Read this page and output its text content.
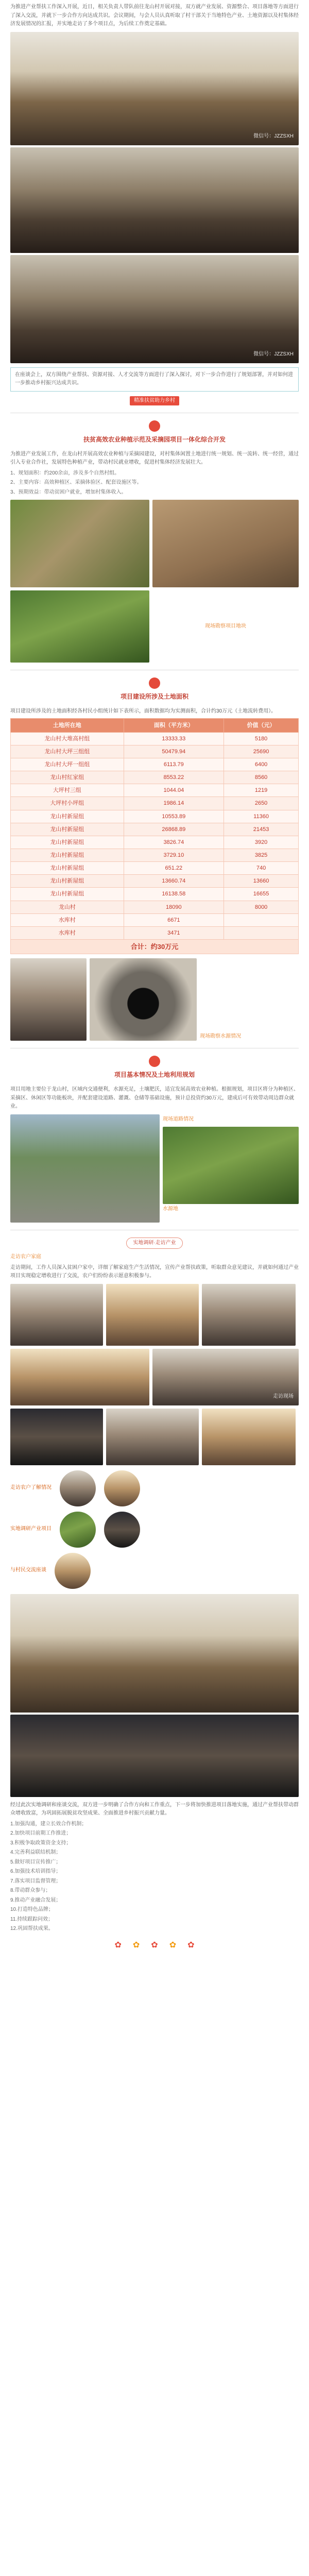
为推进产业帮扶工作深入开展，近日，相关负责人带队前往龙山村开展对接，双方就产业发展、资源整合、项目落地等方面进行了深入交流，并就下一步合作方向达成共识。会议期间，与会人员认真听取了村干部关于当地特色产业、土地资源以及村集体经济发展情况的汇报，并实地走访了多个项目点，为后续工作奠定基础。

微信号：JZZSXH
微信号：JZZSXH
在座谈会上，双方围绕产业帮扶、资源对接、人才交流等方面进行了深入探讨，对下一步合作进行了规划部署，并对如何进一步推动乡村振兴达成共识。
精准扶贫助力乡村
扶贫高效农业种植示范及采摘园项目一体化综合开发

为推进产业发展工作，在龙山村开展高效农业种植与采摘园建设，对村集体闲置土地进行统一规划、统一流转、统一经营，通过引入专业合作社，发展特色种植产业，带动村民就业增收，促进村集体经济发展壮大。

1、规划面积：约200余亩，涉及多个自然村组。

2、主要内容：高效种植区、采摘体验区、配套设施区等。

3、预期效益：带动贫困户就业，增加村集体收入。

现场勘察项目地块
项目建设所涉及土地面积

项目建设所涉及的土地面积经各村民小组统计如下表所示，面积数据均为实测面积，合计约30万元（土地流转费用）。

土地所在地	面积（平方米）	价值（元）
龙山村大堆高村组	13333.33	5180
龙山村大坪三组组	50479.94	25690
龙山村大坪一组组	6113.79	6400
龙山村紅家组	8553.22	8560
大坪村三组	1044.04	1219
大坪村小坪组	1986.14	2650
龙山村新屋组	10553.89	11360
龙山村新屋组	26868.89	21453
龙山村新屋组	3826.74	3920
龙山村新屋组	3729.10	3825
龙山村新屋组	651.22	740
龙山村新屋组	13660.74	13660
龙山村新屋组	16138.58	16655
龙山村	18090	8000
水库村	6671	
水库村	3471	
合计：约30万元		
现场勘察水源情况
项目基本情况及土地利用规划

项目用地主要位于龙山村，区域内交通便利，水源充足，土壤肥沃，适宜发展高效农业种植。根据规划，项目区将分为种植区、采摘区、休闲区等功能板块，并配套建设道路、灌溉、仓储等基础设施，预计总投资约30万元，建成后可有效带动周边群众就业。

现场道路情况
水源地
实地调研·走访产业

走访农户家庭

走访期间，工作人员深入贫困户家中，详细了解家庭生产生活情况，宣传产业帮扶政策，听取群众意见建议，并就如何通过产业项目实现稳定增收进行了交流，农户们纷纷表示愿意积极参与。

走访现场
走访农户了解情况
实地调研产业项目
与村民交流座谈

经过此次实地调研和座谈交流，双方进一步明确了合作方向和工作重点，下一步将加快推进项目落地实施，通过产业帮扶带动群众增收致富，为巩固拓展脱贫攻坚成果、全面推进乡村振兴贡献力量。

1.加强沟通，建立长效合作机制；

2.加快项目前期工作推进；

3.积极争取政策资金支持；

4.完善利益联结机制；

5.做好项目宣传推广；

6.加强技术培训指导；

7.落实项目监督管理；

8.带动群众参与；

9.推动产业融合发展；

10.打造特色品牌；

11.持续跟踪问效；

12.巩固帮扶成果。

✿ ✿ ✿ ✿ ✿
